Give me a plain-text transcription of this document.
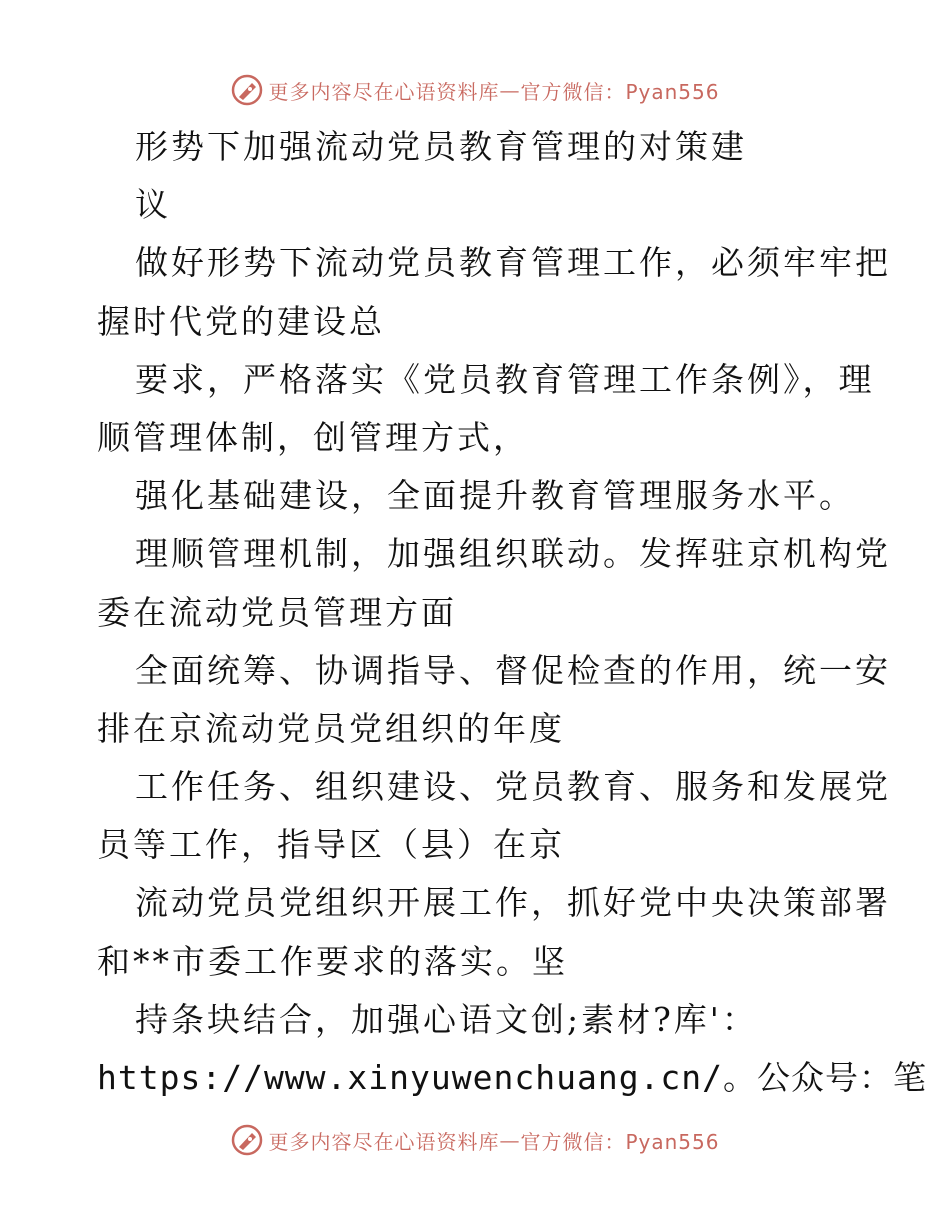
更多内容尽在心语资料库 — 官方微信：Pyan556
形势下加强流动党员教育管理的对策建
议
做好形势下流动党员教育管理工作，必须牢牢把
握时代党的建设总
要求，严格落实《党员教育管理工作条例》，理
顺管理体制，创管理方式，
强化基础建设，全面提升教育管理服务水平。
理顺管理机制，加强组织联动。发挥驻京机构党
委在流动党员管理方面
全面统筹、协调指导、督促检查的作用，统一安
排在京流动党员党组织的年度
工作任务、组织建设、党员教育、服务和发展党
员等工作，指导区（县）在京
流动党员党组织开展工作，抓好党中央决策部署
和**市委工作要求的落实。坚
持条块结合，加强心语文创;素材?库'：
https://www.xinyuwenchuang.cn/。公众号：笔
更多内容尽在心语资料库 — 官方微信：Pyan556
